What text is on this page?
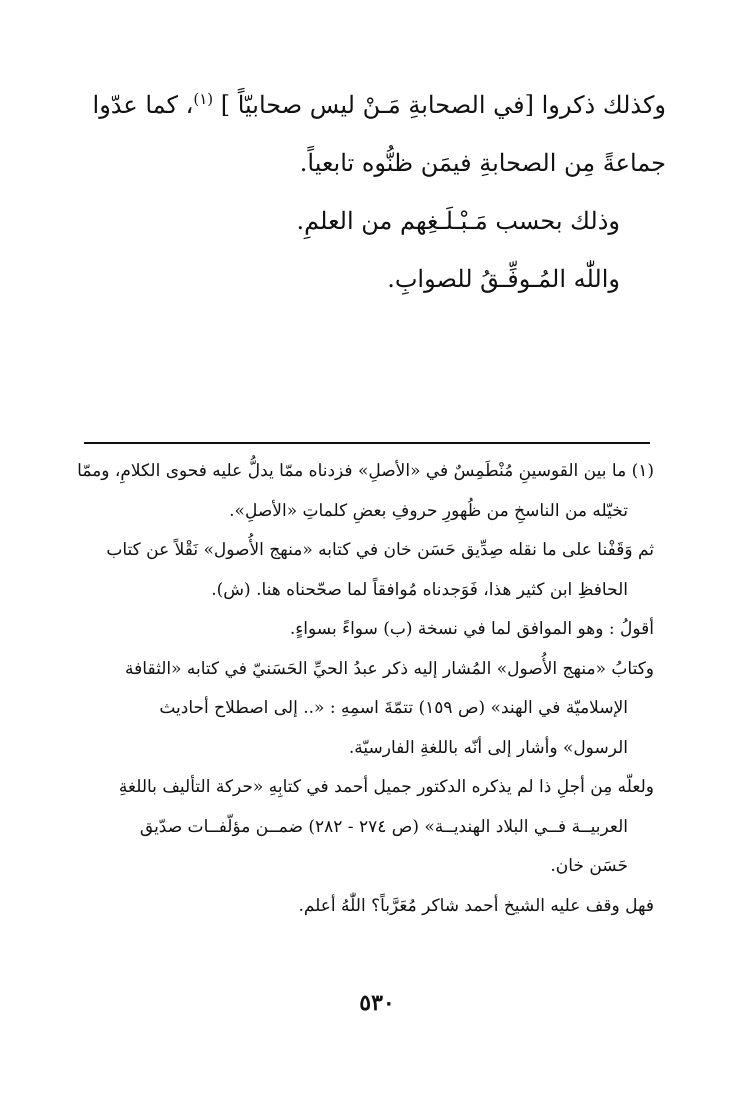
وكذلك ذكروا [في الصحابةِ مَـنْ ليس صحابيّاً ] $^{(١)}$، كما عدّوا

جماعةً مِن الصحابةِ فيمَن ظنُّوه تابعياً.

وذلك بحسب مَـبْـلَـغِهم من العلمِ.

واللّٰه المُـوفِّـقُ للصوابِ.

(١) ما بين القوسينِ مُنْطَمِسٌ في «الأصلِ» فزدناه ممّا يدلُّ عليه فحوى الكلامِ، وممّا

تخيّله من الناسخِ من ظُهورِ حروفِ بعضِ كلماتِ «الأصلِ».

ثم وَقَفْنا على ما نقله صِدِّيق حَسَن خان في كتابه «منهج الأُصول» نَقْلاً عن كتاب

الحافظِ ابن كثير هذا، فَوَجدناه مُوافقاً لما صحّحناه هنا. (ش).

أقولُ : وهو الموافق لما في نسخة (ب) سواءً بسواءٍ.

وكتابُ «منهج الأُصول» المُشار إليه ذكر عبدُ الحيِّ الحَسَنيّ في كتابه «الثقافة

الإسلاميّة في الهند» (ص ١٥٩) تتمّةَ اسمِهِ : «.. إلى اصطلاح أحاديث

الرسول» وأشار إلى أنّه باللغةِ الفارسيّة.

ولعلّه مِن أجلِ ذا لم يذكره الدكتور جميل أحمد في كتابِهِ «حركة التأليف باللغةِ

العربيــة فــي البلاد الهنديــة» (ص ٢٧٤ - ٢٨٢) ضمــن مؤلّفــات صدّيق

حَسَن خان.

فهل وقف عليه الشيخ أحمد شاكر مُعَرَّباً؟ اللّٰهُ أعلم.

٥٣٠
